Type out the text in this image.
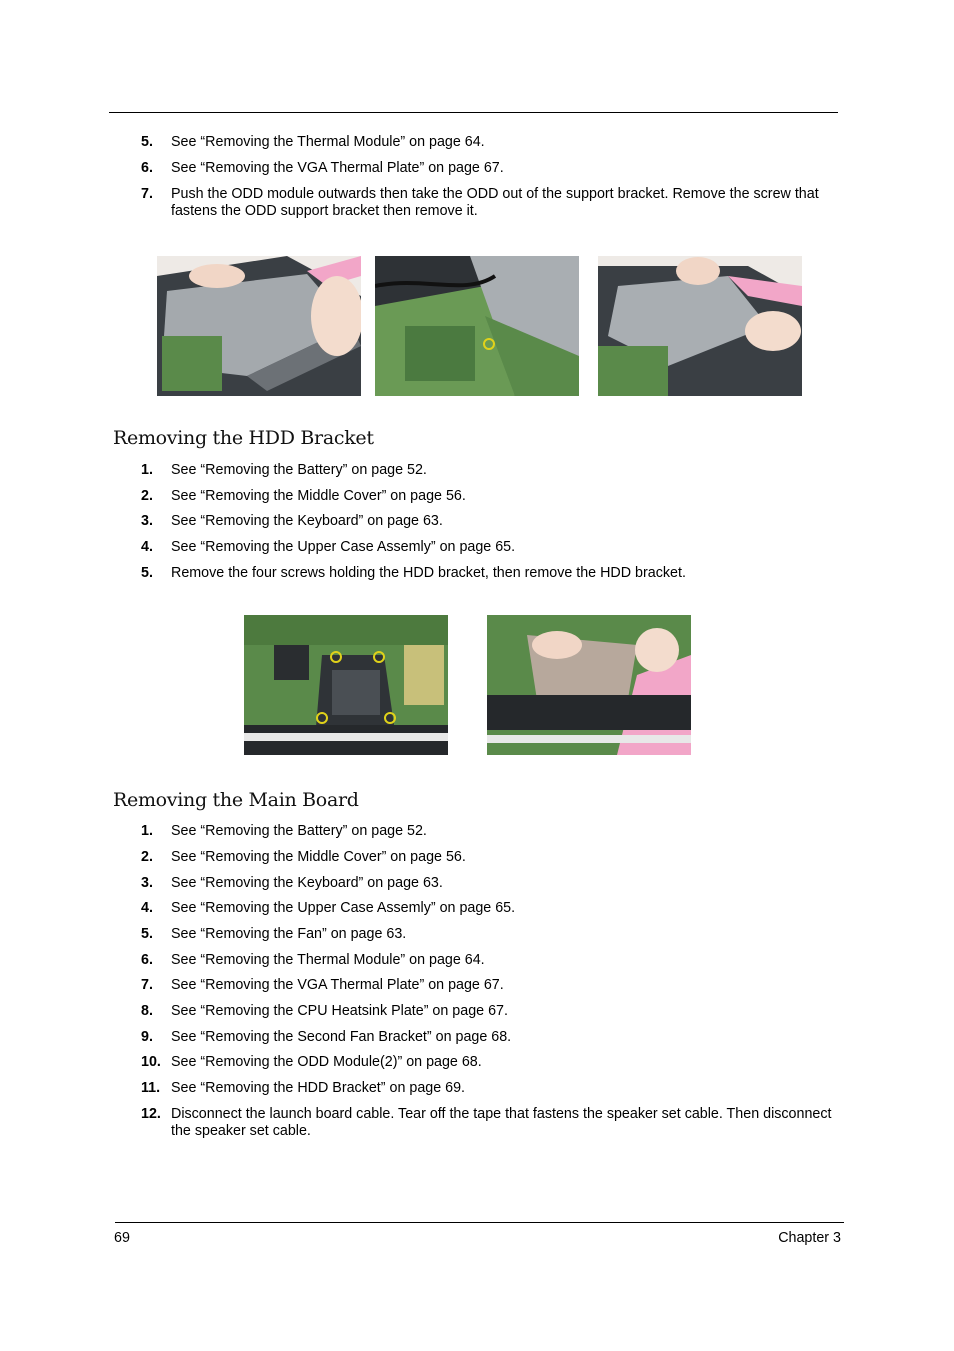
5. See “Removing the Thermal Module” on page 64.
6. See “Removing the VGA Thermal Plate” on page 67.
7. Push the ODD module outwards then take the ODD out of the support bracket. Remove the screw that fastens the ODD support bracket then remove it.
Removing the HDD Bracket
1. See “Removing the Battery” on page 52.
2. See “Removing the Middle Cover” on page 56.
3. See “Removing the Keyboard” on page 63.
4. See “Removing the Upper Case Assemly” on page 65.
5. Remove the four screws holding the HDD bracket, then remove the HDD bracket.
Removing the Main Board
1. See “Removing the Battery” on page 52.
2. See “Removing the Middle Cover” on page 56.
3. See “Removing the Keyboard” on page 63.
4. See “Removing the Upper Case Assemly” on page 65.
5. See “Removing the Fan” on page 63.
6. See “Removing the Thermal Module” on page 64.
7. See “Removing the VGA Thermal Plate” on page 67.
8. See “Removing the CPU Heatsink Plate” on page 67.
9. See “Removing the Second Fan Bracket” on page 68.
10. See “Removing the ODD Module(2)” on page 68.
11. See “Removing the HDD Bracket” on page 69.
12. Disconnect the launch board cable. Tear off the tape that fastens the speaker set cable. Then disconnect the speaker set cable.
69	Chapter 3
